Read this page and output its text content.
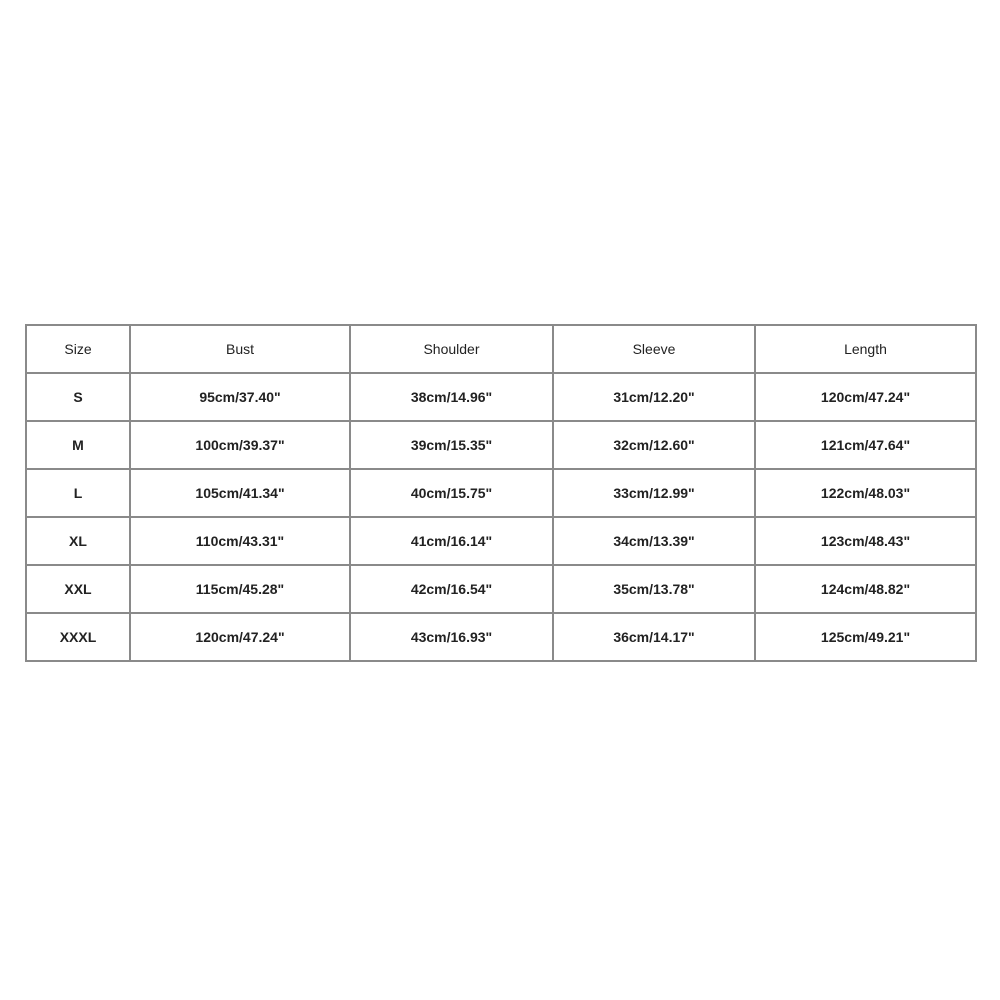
Size	Bust	Shoulder	Sleeve	Length
S	95cm/37.40"	38cm/14.96"	31cm/12.20"	120cm/47.24"
M	100cm/39.37"	39cm/15.35"	32cm/12.60"	121cm/47.64"
L	105cm/41.34"	40cm/15.75"	33cm/12.99"	122cm/48.03"
XL	110cm/43.31"	41cm/16.14"	34cm/13.39"	123cm/48.43"
XXL	115cm/45.28"	42cm/16.54"	35cm/13.78"	124cm/48.82"
XXXL	120cm/47.24"	43cm/16.93"	36cm/14.17"	125cm/49.21"
